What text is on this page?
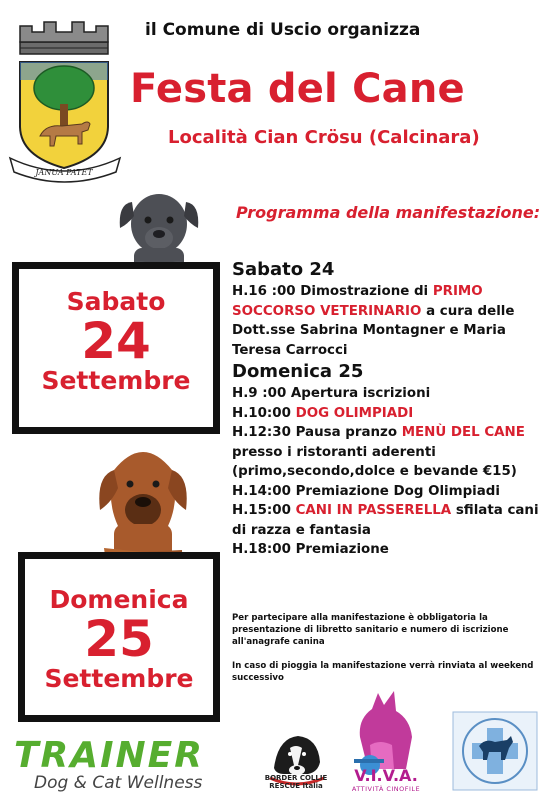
JANUA PATET
il Comune di Uscio organizza
Festa del Cane
Località Cian Crösu (Calcinara)
Programma della manifestazione:
Sabato
24
Settembre
Domenica
25
Settembre
Sabato 24
H.16 :00 Dimostrazione di PRIMO SOCCORSO VETERINARIO a cura delle Dott.sse Sabrina Montagner e Maria Teresa Carrocci
Domenica 25
H.9 :00 Apertura iscrizioni
H.10:00 DOG OLIMPIADI
H.12:30 Pausa pranzo MENÙ DEL CANE presso i ristoranti aderenti (primo,secondo,dolce e bevande €15)
H.14:00 Premiazione Dog Olimpiadi
H.15:00 CANI IN PASSERELLA sfilata cani di razza e fantasia
H.18:00 Premiazione

Per partecipare alla manifestazione è obbligatoria la presentazione di libretto sanitario e numero di iscrizione all'anagrafe canina

In caso di pioggia la manifestazione verrà rinviata al weekend successivo

TRAINER
Dog & Cat Wellness	BORDER COLLIE
RESCUE Italia
V.I.V.A.
ATTIVITÀ CINOFILE
